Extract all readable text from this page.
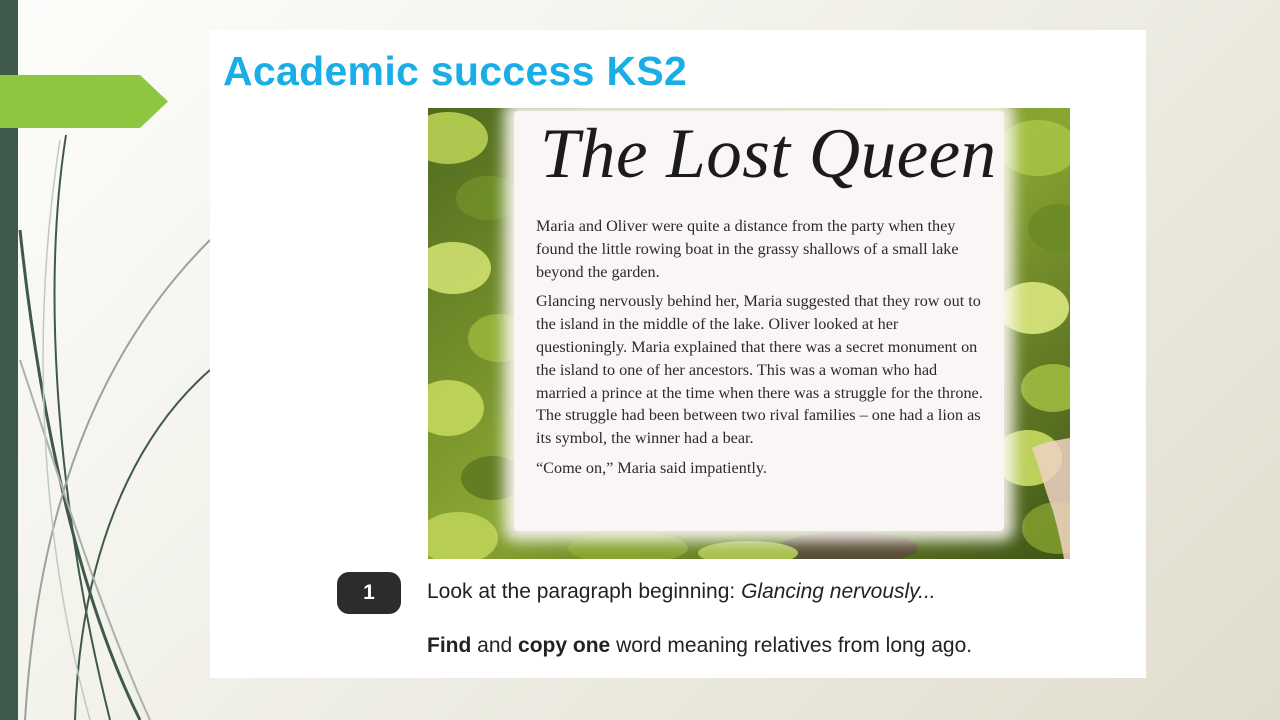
Academic success KS2
The Lost Queen

Maria and Oliver were quite a distance from the party when they found the little rowing boat in the grassy shallows of a small lake beyond the garden.

Glancing nervously behind her, Maria suggested that they row out to the island in the middle of the lake. Oliver looked at her questioningly. Maria explained that there was a secret monument on the island to one of her ancestors. This was a woman who had married a prince at the time when there was a struggle for the throne. The struggle had been between two rival families – one had a lion as its symbol, the winner had a bear.

“Come on,” Maria said impatiently.

1	Look at the paragraph beginning: Glancing nervously...
Find and copy one word meaning relatives from long ago.
